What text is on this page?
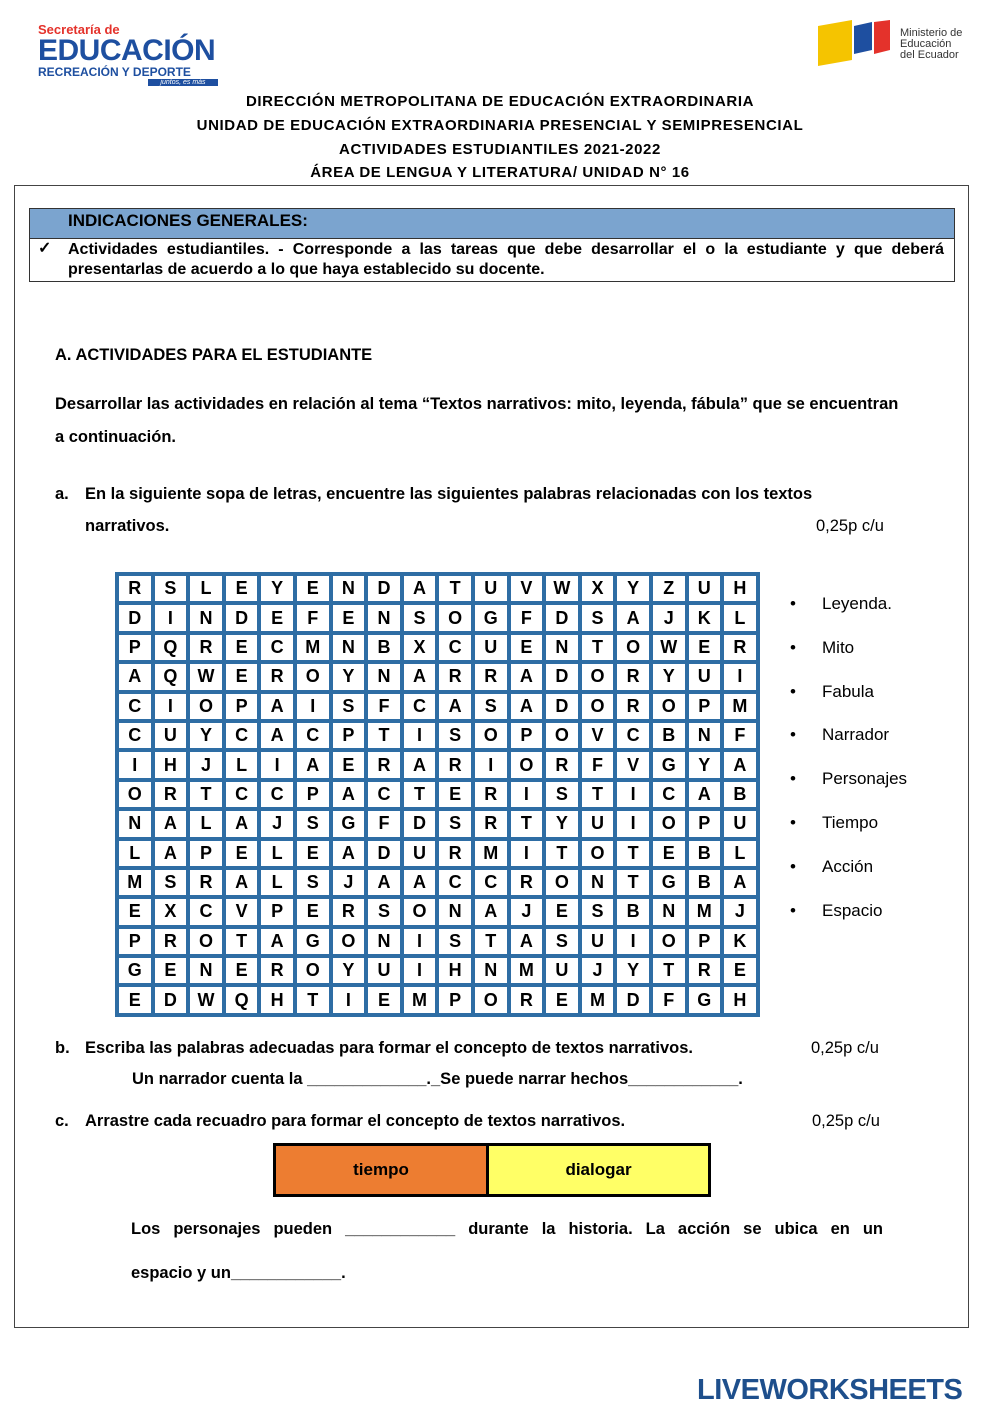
Secretaría de
EDUCACIÓN
RECREACIÓN Y DEPORTE
juntos, es más
Ministerio de
Educación
del Ecuador
DIRECCIÓN METROPOLITANA DE EDUCACIÓN EXTRAORDINARIA
UNIDAD DE EDUCACIÓN EXTRAORDINARIA PRESENCIAL Y SEMIPRESENCIAL
ACTIVIDADES ESTUDIANTILES 2021-2022
ÁREA DE LENGUA Y LITERATURA/ UNIDAD N° 16
INDICACIONES GENERALES:
✓ Actividades estudiantiles. - Corresponde a las tareas que debe desarrollar el o la estudiante y que deberá presentarlas de acuerdo a lo que haya establecido su docente.
A. ACTIVIDADES PARA EL ESTUDIANTE
Desarrollar las actividades en relación al tema “Textos narrativos: mito, leyenda, fábula” que se encuentran a continuación.
a. En la siguiente sopa de letras, encuentre las siguientes palabras relacionadas con los textos
narrativos.	0,25p c/u
R	S	L	E	Y	E	N	D	A	T	U	V	W	X	Y	Z	U	H
D	I	N	D	E	F	E	N	S	O	G	F	D	S	A	J	K	L
P	Q	R	E	C	M	N	B	X	C	U	E	N	T	O	W	E	R
A	Q	W	E	R	O	Y	N	A	R	R	A	D	O	R	Y	U	I
C	I	O	P	A	I	S	F	C	A	S	A	D	O	R	O	P	M
C	U	Y	C	A	C	P	T	I	S	O	P	O	V	C	B	N	F
I	H	J	L	I	A	E	R	A	R	I	O	R	F	V	G	Y	A
O	R	T	C	C	P	A	C	T	E	R	I	S	T	I	C	A	B
N	A	L	A	J	S	G	F	D	S	R	T	Y	U	I	O	P	U
L	A	P	E	L	E	A	D	U	R	M	I	T	O	T	E	B	L
M	S	R	A	L	S	J	A	A	C	C	R	O	N	T	G	B	A
E	X	C	V	P	E	R	S	O	N	A	J	E	S	B	N	M	J
P	R	O	T	A	G	O	N	I	S	T	A	S	U	I	O	P	K
G	E	N	E	R	O	Y	U	I	H	N	M	U	J	Y	T	R	E
E	D	W	Q	H	T	I	E	M	P	O	R	E	M	D	F	G	H
• Leyenda.
• Mito
• Fabula
• Narrador
• Personajes
• Tiempo
• Acción
• Espacio
b. Escriba las palabras adecuadas para formar el concepto de textos narrativos.	0,25p c/u
Un narrador cuenta la _____________._Se puede narrar hechos____________.
c. Arrastre cada recuadro para formar el concepto de textos narrativos.	0,25p c/u
tiempo	dialogar
Los personajes pueden ____________ durante la historia. La acción se ubica en un
espacio y un____________.
LIVEWORKSHEETS
